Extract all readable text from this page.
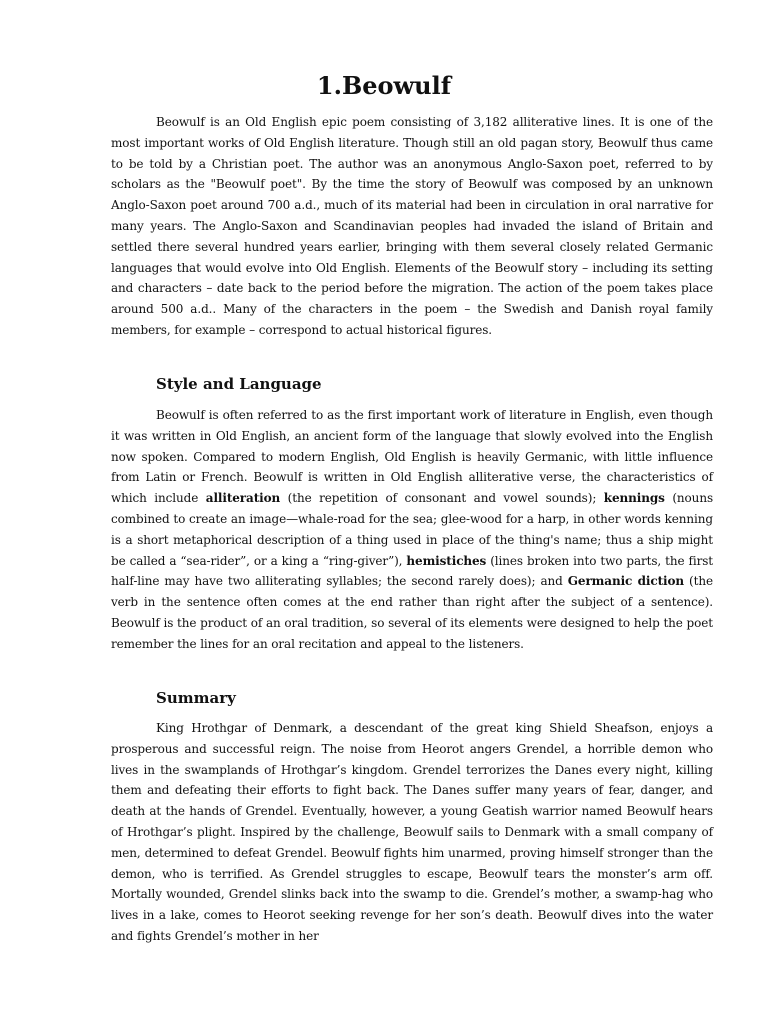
1.Beowulf

Beowulf is an Old English epic poem consisting of 3,182 alliterative lines. It is one of the most important works of Old English literature. Though still an old pagan story, Beowulf thus came to be told by a Christian poet. The author was an anonymous Anglo-Saxon poet, referred to by scholars as the "Beowulf poet". By the time the story of Beowulf was composed by an unknown Anglo-Saxon poet around 700 a.d., much of its material had been in circulation in oral narrative for many years. The Anglo-Saxon and Scandinavian peoples had invaded the island of Britain and settled there several hundred years earlier, bringing with them several closely related Germanic languages that would evolve into Old English. Elements of the Beowulf story – including its setting and characters – date back to the period before the migration. The action of the poem takes place around 500 a.d.. Many of the characters in the poem – the Swedish and Danish royal family members, for example – correspond to actual historical figures.

Style and Language

Beowulf is often referred to as the first important work of literature in English, even though it was written in Old English, an ancient form of the language that slowly evolved into the English now spoken. Compared to modern English, Old English is heavily Germanic, with little influence from Latin or French. Beowulf is written in Old English alliterative verse, the characteristics of which include alliteration (the repetition of consonant and vowel sounds); kennings (nouns combined to create an image—whale-road for the sea; glee-wood for a harp, in other words kenning is a short metaphorical description of a thing used in place of the thing's name; thus a ship might be called a “sea-rider”, or a king a “ring-giver”), hemistiches (lines broken into two parts, the first half-line may have two alliterating syllables; the second rarely does); and Germanic diction (the verb in the sentence often comes at the end rather than right after the subject of a sentence). Beowulf is the product of an oral tradition, so several of its elements were designed to help the poet remember the lines for an oral recitation and appeal to the listeners.

Summary

King Hrothgar of Denmark, a descendant of the great king Shield Sheafson, enjoys a prosperous and successful reign. The noise from Heorot angers Grendel, a horrible demon who lives in the swamplands of Hrothgar’s kingdom. Grendel terrorizes the Danes every night, killing them and defeating their efforts to fight back. The Danes suffer many years of fear, danger, and death at the hands of Grendel. Eventually, however, a young Geatish warrior named Beowulf hears of Hrothgar’s plight. Inspired by the challenge, Beowulf sails to Denmark with a small company of men, determined to defeat Grendel. Beowulf fights him unarmed, proving himself stronger than the demon, who is terrified. As Grendel struggles to escape, Beowulf tears the monster’s arm off. Mortally wounded, Grendel slinks back into the swamp to die. Grendel’s mother, a swamp-hag who lives in a lake, comes to Heorot seeking revenge for her son’s death. Beowulf dives into the water and fights Grendel’s mother in her
